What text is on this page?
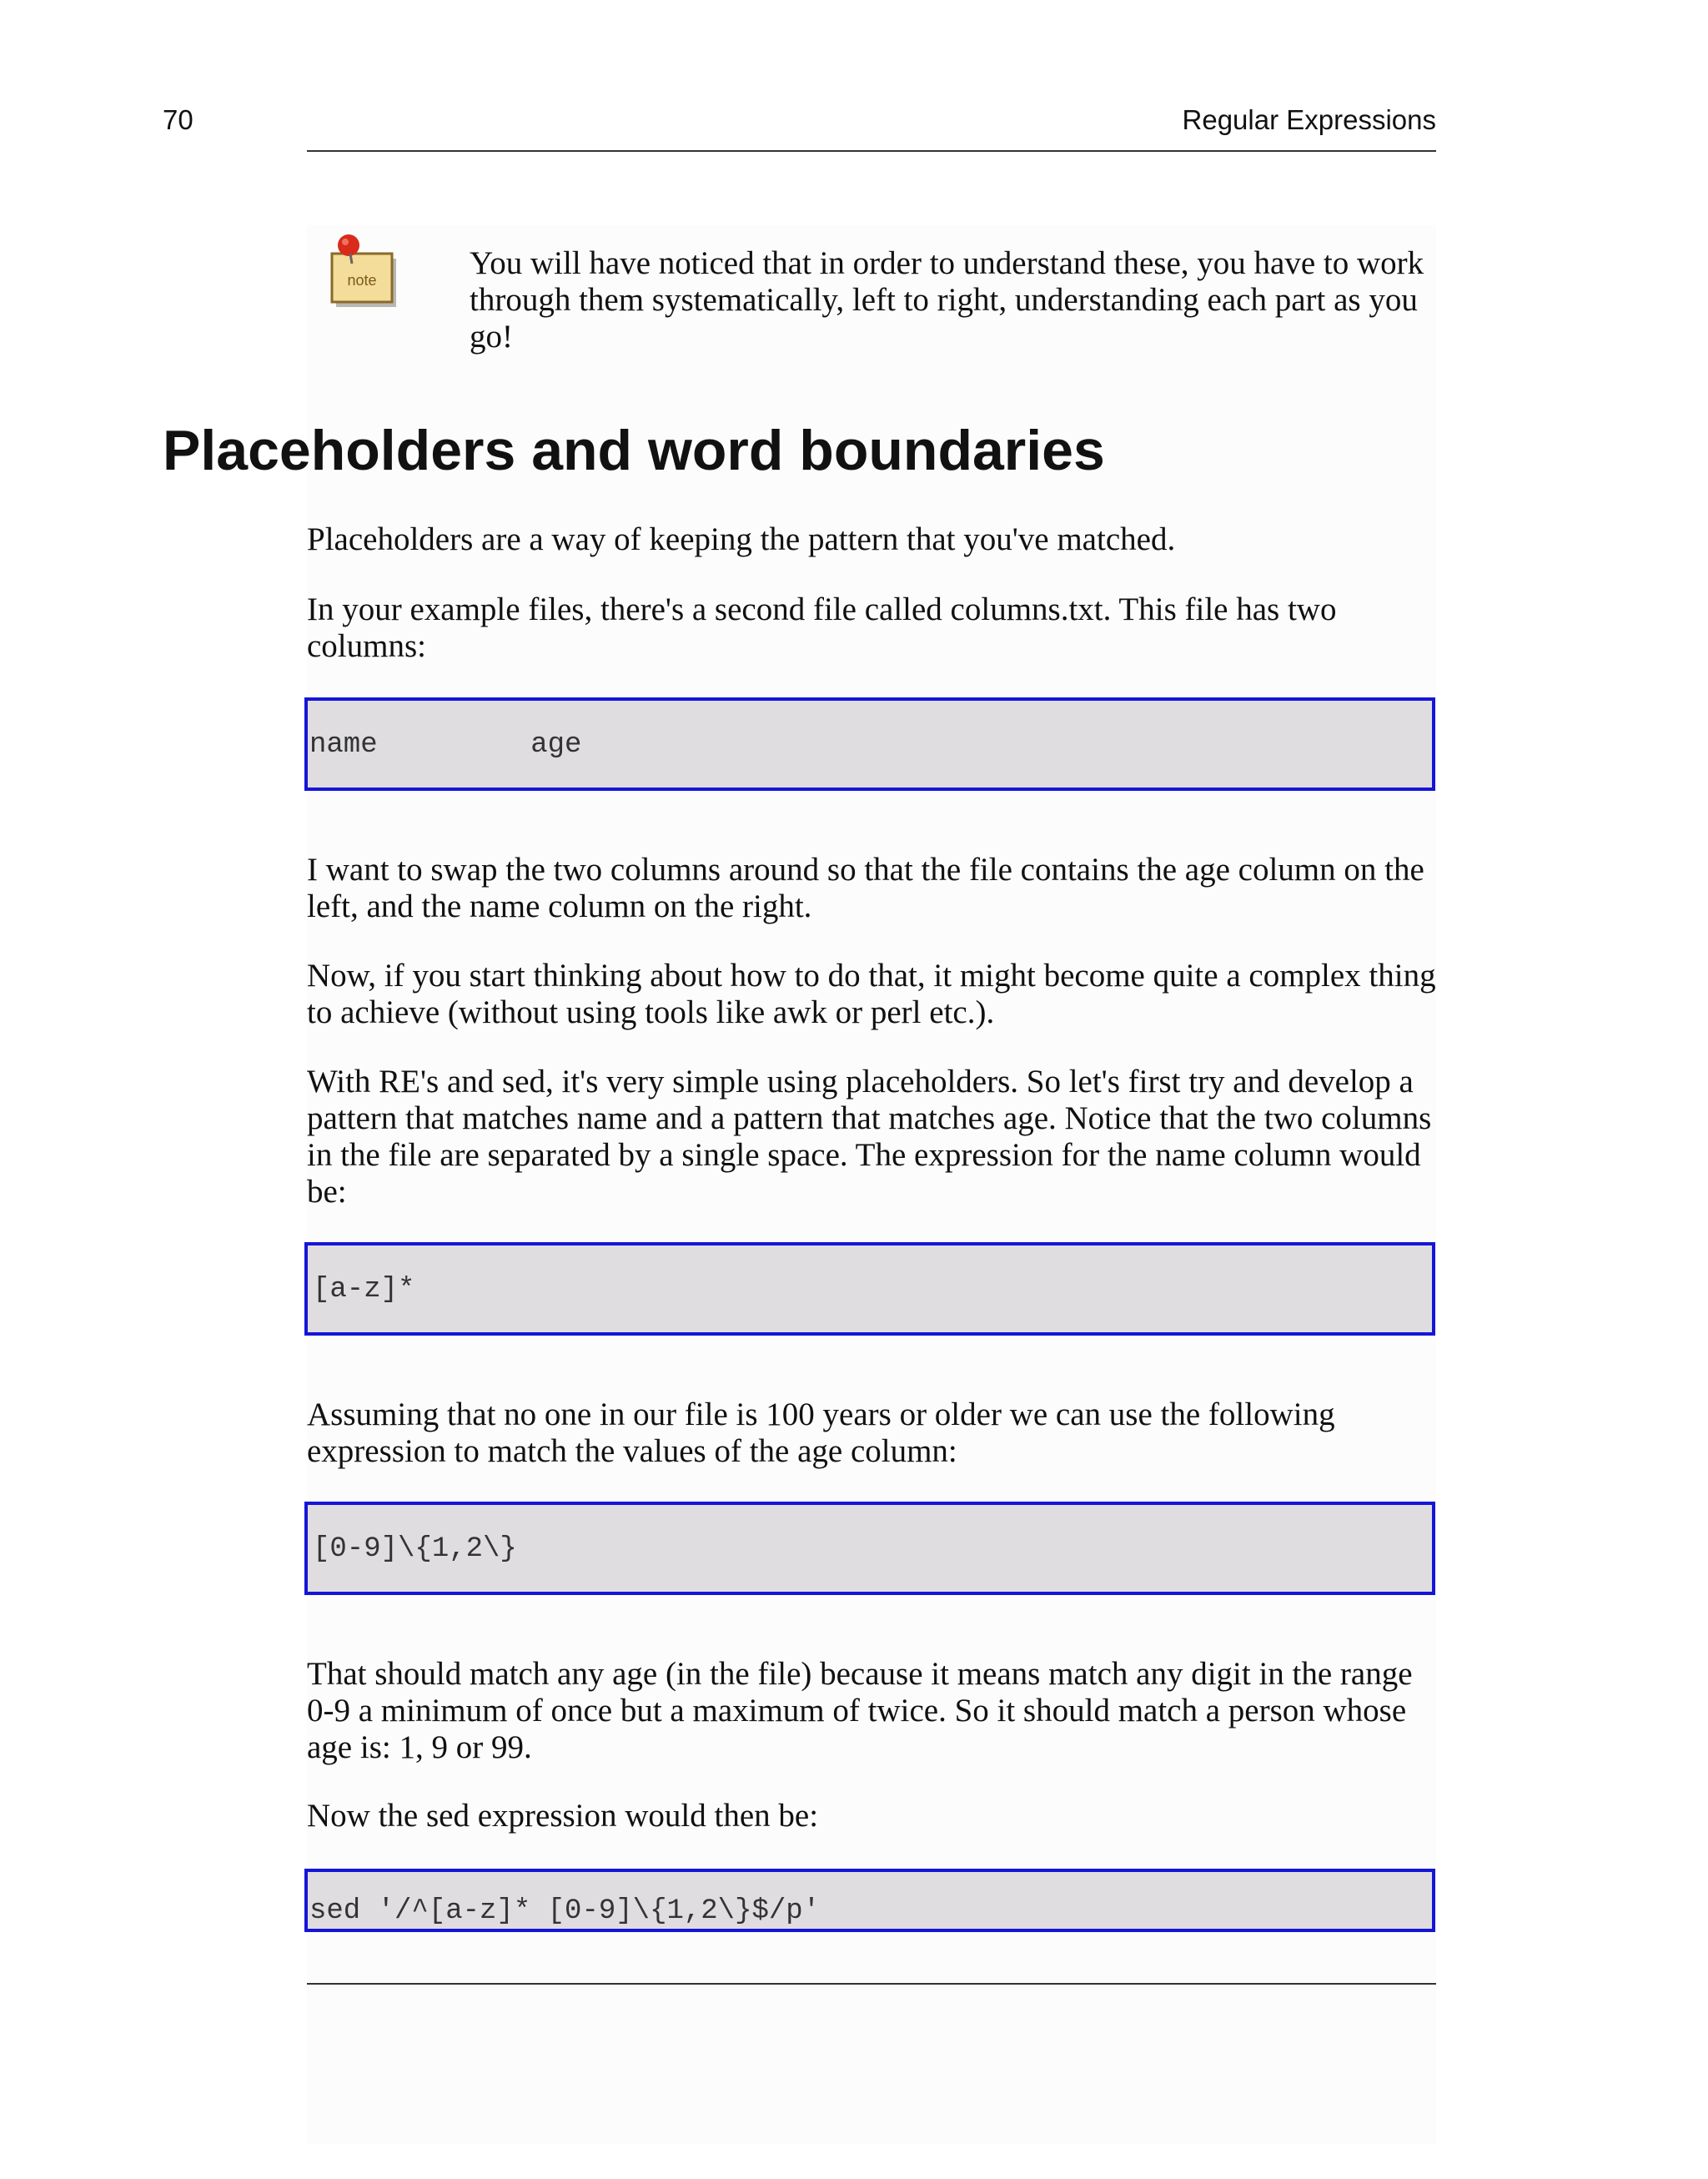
70	Regular Expressions
note	You will have noticed that in order to understand these, you have to work through them systematically, left to right, understanding each part as you go!
Placeholders and word boundaries

Placeholders are a way of keeping the pattern that you've matched.

In your example files, there's a second file called columns.txt. This file has two columns:

name         age

I want to swap the two columns around so that the file contains the age column on the left, and the name column on the right.

Now, if you start thinking about how to do that, it might become quite a complex thing to achieve (without using tools like awk or perl etc.).

With RE's and sed, it's very simple using placeholders. So let's first try and develop a pattern that matches name and a pattern that matches age. Notice that the two columns in the file are separated by a single space. The expression for the name column would be:

[a-z]*

Assuming that no one in our file is 100 years or older we can use the following expression to match the values of the age column:

[0-9]\{1,2\}

That should match any age (in the file) because it means match any digit in the range 0-9 a minimum of once but a maximum of twice. So it should match a person whose age is: 1, 9 or 99.

Now the sed expression would then be:

sed '/^[a-z]* [0-9]\{1,2\}$/p'
